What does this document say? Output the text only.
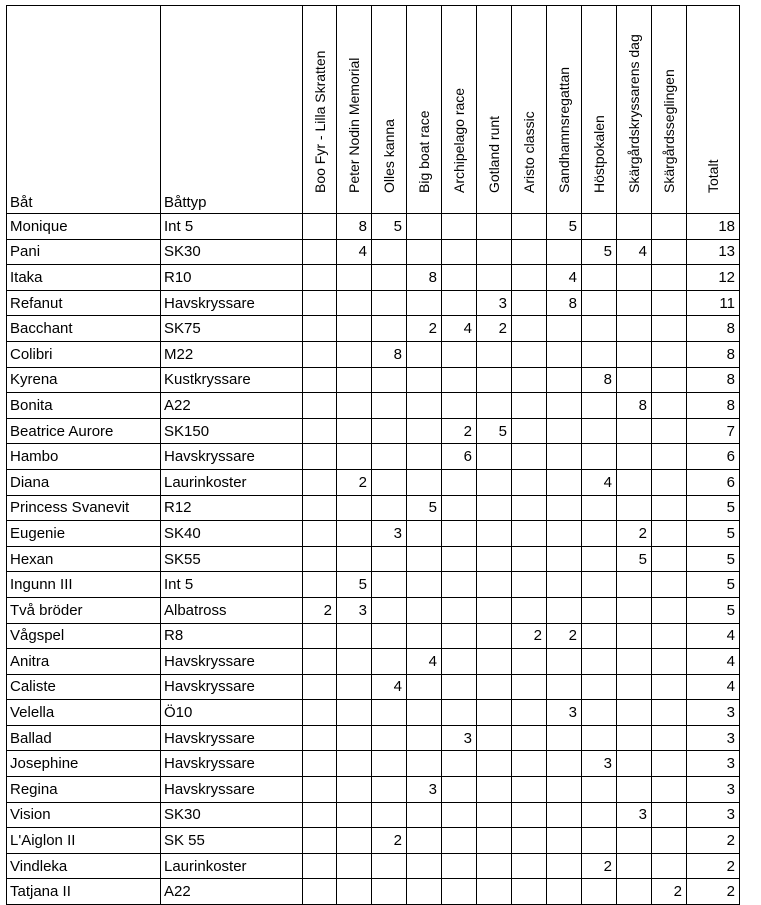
Båt	Båttyp	Boo Fyr - Lilla Skratten	Peter Nodin Memorial	Olles kanna	Big boat race	Archipelago race	Gotland runt	Aristo classic	Sandhamnsregattan	Höstpokalen	Skärgårdskryssarens dag	Skärgårdsseglingen	Totalt

Monique	Int 5		8	5					5				18
Pani	SK30		4							5	4		13
Itaka	R10				8				4				12
Refanut	Havskryssare						3		8				11
Bacchant	SK75				2	4	2						8
Colibri	M22			8									8
Kyrena	Kustkryssare									8			8
Bonita	A22										8		8
Beatrice Aurore	SK150					2	5						7
Hambo	Havskryssare					6							6
Diana	Laurinkoster		2							4			6
Princess Svanevit	R12				5								5
Eugenie	SK40			3							2		5
Hexan	SK55										5		5
Ingunn III	Int 5		5										5
Två bröder	Albatross	2	3										5
Vågspel	R8							2	2				4
Anitra	Havskryssare				4								4
Caliste	Havskryssare			4									4
Velella	Ö10								3				3
Ballad	Havskryssare					3							3
Josephine	Havskryssare									3			3
Regina	Havskryssare				3								3
Vision	SK30										3		3
L'Aiglon II	SK 55			2									2
Vindleka	Laurinkoster									2			2
Tatjana II	A22											2	2
